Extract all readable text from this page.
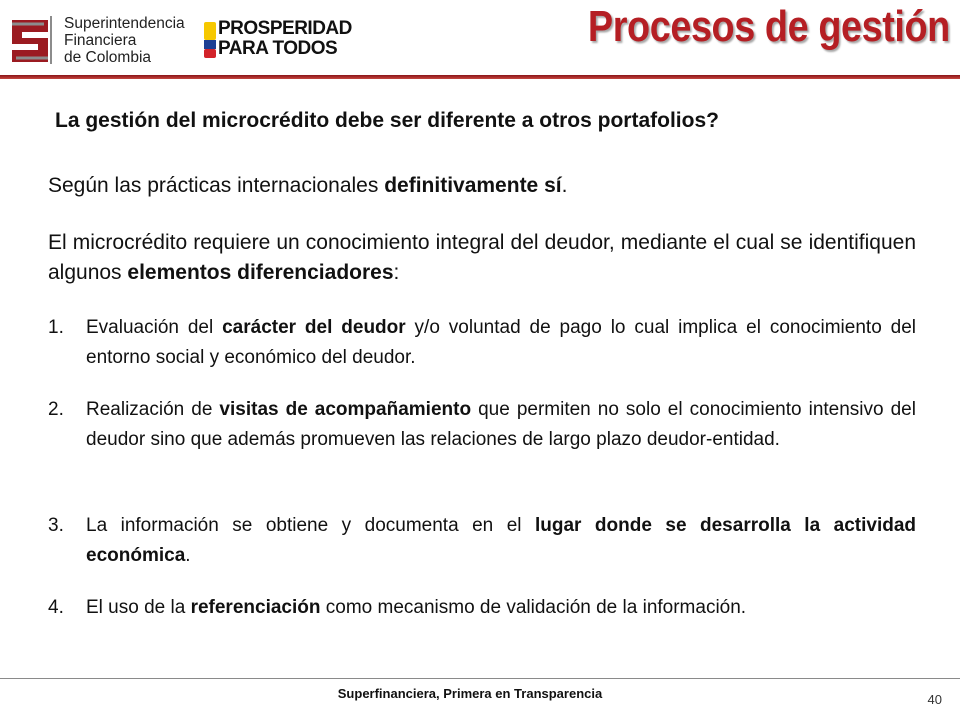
Superintendencia
Financiera
de Colombia
PROSPERIDAD
PARA TODOS	Procesos de gestión

La gestión del microcrédito debe ser diferente a otros portafolios?

Según las prácticas internacionales definitivamente sí.

El microcrédito requiere un conocimiento integral del deudor, mediante el cual se identifiquen algunos elementos diferenciadores:

1.	Evaluación del carácter del deudor y/o voluntad de pago lo cual implica el conocimiento del entorno social y económico del deudor.
2.	Realización de visitas de acompañamiento que permiten no solo el conocimiento intensivo del deudor sino que además promueven las relaciones de largo plazo deudor-entidad.
3.	La información se obtiene y documenta en el lugar donde se desarrolla la actividad económica.
4.	El uso de la referenciación como mecanismo de validación de la información.
Superfinanciera, Primera en Transparencia	40
